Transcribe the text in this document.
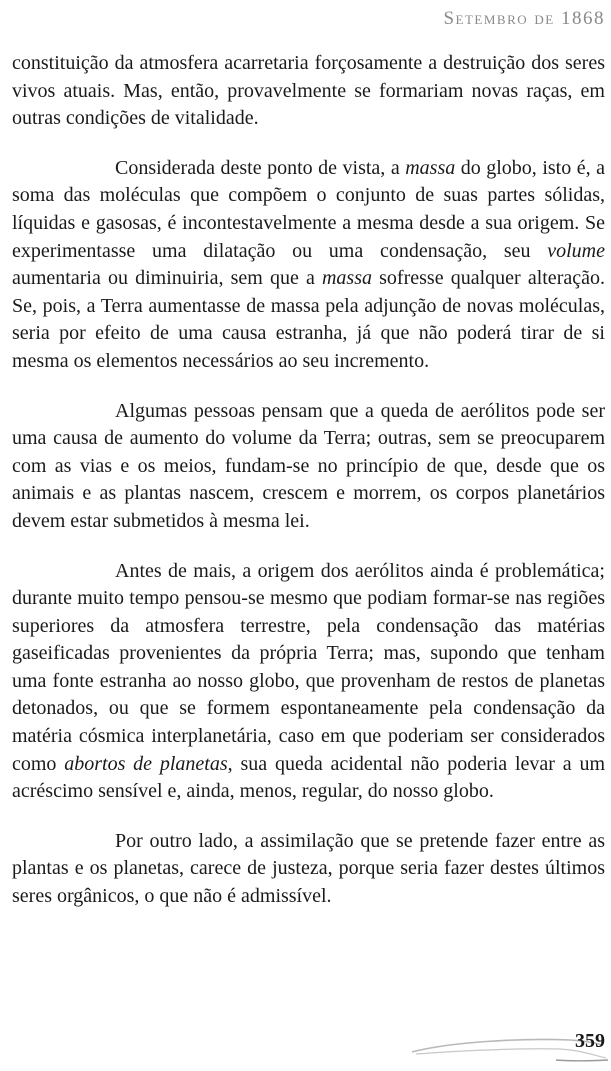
Setembro de 1868

constituição da atmosfera acarretaria forçosamente a destruição dos seres vivos atuais. Mas, então, provavelmente se formariam novas raças, em outras condições de vitalidade.

Considerada deste ponto de vista, a massa do globo, isto é, a soma das moléculas que compõem o conjunto de suas partes sólidas, líquidas e gasosas, é incontestavelmente a mesma desde a sua origem. Se experimentasse uma dilatação ou uma condensação, seu volume aumentaria ou diminuiria, sem que a massa sofresse qualquer alteração. Se, pois, a Terra aumentasse de massa pela adjunção de novas moléculas, seria por efeito de uma causa estranha, já que não poderá tirar de si mesma os elementos necessários ao seu incremento.

Algumas pessoas pensam que a queda de aerólitos pode ser uma causa de aumento do volume da Terra; outras, sem se preocuparem com as vias e os meios, fundam-se no princípio de que, desde que os animais e as plantas nascem, crescem e morrem, os corpos planetários devem estar submetidos à mesma lei.

Antes de mais, a origem dos aerólitos ainda é problemática; durante muito tempo pensou-se mesmo que podiam formar-se nas regiões superiores da atmosfera terrestre, pela condensação das matérias gaseificadas provenientes da própria Terra; mas, supondo que tenham uma fonte estranha ao nosso globo, que provenham de restos de planetas detonados, ou que se formem espontaneamente pela condensação da matéria cósmica interplanetária, caso em que poderiam ser considerados como abortos de planetas, sua queda acidental não poderia levar a um acréscimo sensível e, ainda, menos, regular, do nosso globo.

Por outro lado, a assimilação que se pretende fazer entre as plantas e os planetas, carece de justeza, porque seria fazer destes últimos seres orgânicos, o que não é admissível.

359
